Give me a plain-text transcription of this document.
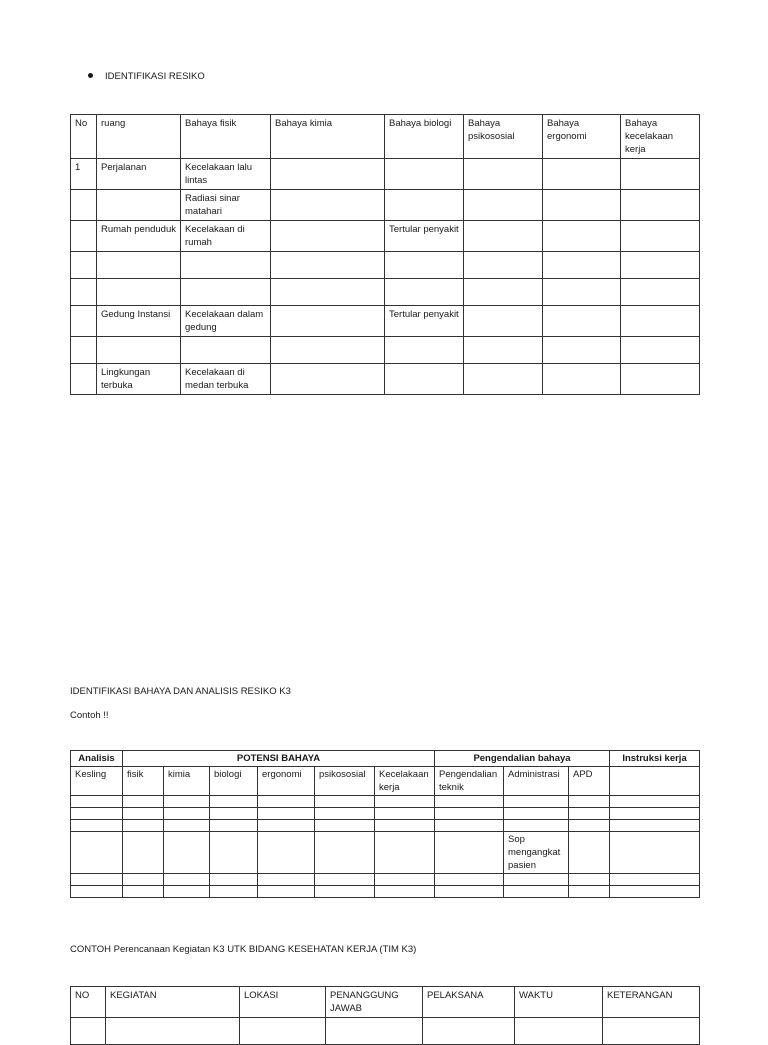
IDENTIFIKASI RESIKO
No	ruang	Bahaya fisik	Bahaya kimia	Bahaya biologi	Bahaya psikososial	Bahaya ergonomi	Bahaya kecelakaan kerja
1	Perjalanan	Kecelakaan lalu lintas					
		Radiasi sinar matahari					
	Rumah penduduk	Kecelakaan di rumah		Tertular penyakit			

	Gedung Instansi	Kecelakaan dalam gedung		Tertular penyakit			

	Lingkungan terbuka	Kecelakaan di medan terbuka					
IDENTIFIKASI BAHAYA DAN ANALISIS RESIKO K3
Contoh !!
Analisis	POTENSI BAHAYA						Pengendalian bahaya			Instruksi kerja
Kesling	fisik	kimia	biologi	ergonomi	psikososial	Kecelakaan kerja	Pengendalian teknik	Administrasi	APD	

								Sop mengangkat pasien		

CONTOH Perencanaan Kegiatan K3 UTK BIDANG KESEHATAN KERJA (TIM K3)
NO	KEGIATAN	LOKASI	PENANGGUNG JAWAB	PELAKSANA	WAKTU	KETERANGAN
